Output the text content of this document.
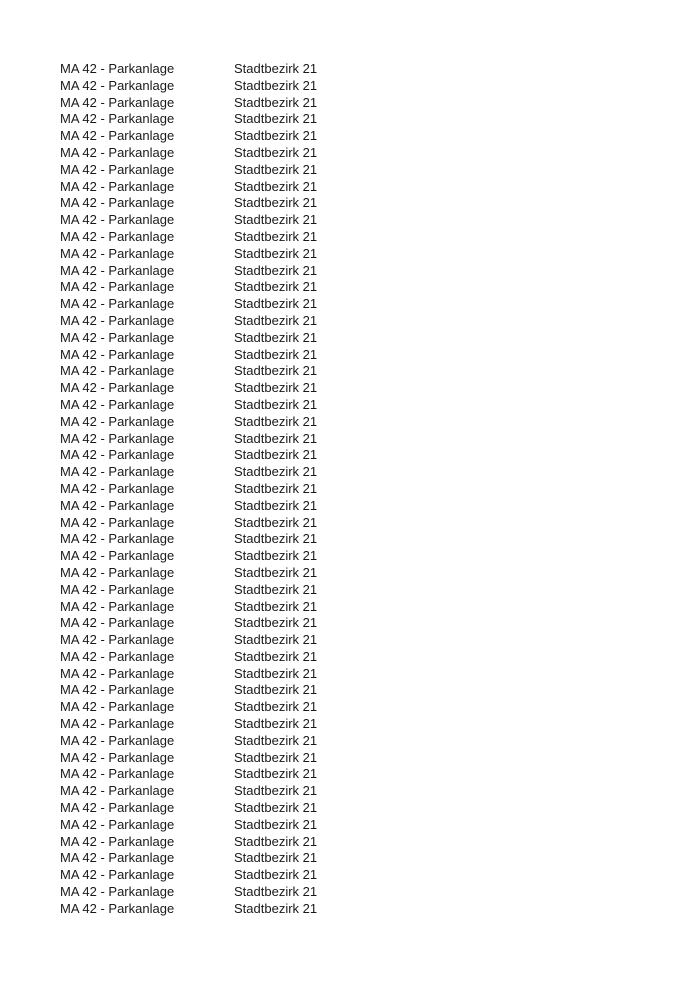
MA 42 - Parkanlage	Stadtbezirk 21
MA 42 - Parkanlage	Stadtbezirk 21
MA 42 - Parkanlage	Stadtbezirk 21
MA 42 - Parkanlage	Stadtbezirk 21
MA 42 - Parkanlage	Stadtbezirk 21
MA 42 - Parkanlage	Stadtbezirk 21
MA 42 - Parkanlage	Stadtbezirk 21
MA 42 - Parkanlage	Stadtbezirk 21
MA 42 - Parkanlage	Stadtbezirk 21
MA 42 - Parkanlage	Stadtbezirk 21
MA 42 - Parkanlage	Stadtbezirk 21
MA 42 - Parkanlage	Stadtbezirk 21
MA 42 - Parkanlage	Stadtbezirk 21
MA 42 - Parkanlage	Stadtbezirk 21
MA 42 - Parkanlage	Stadtbezirk 21
MA 42 - Parkanlage	Stadtbezirk 21
MA 42 - Parkanlage	Stadtbezirk 21
MA 42 - Parkanlage	Stadtbezirk 21
MA 42 - Parkanlage	Stadtbezirk 21
MA 42 - Parkanlage	Stadtbezirk 21
MA 42 - Parkanlage	Stadtbezirk 21
MA 42 - Parkanlage	Stadtbezirk 21
MA 42 - Parkanlage	Stadtbezirk 21
MA 42 - Parkanlage	Stadtbezirk 21
MA 42 - Parkanlage	Stadtbezirk 21
MA 42 - Parkanlage	Stadtbezirk 21
MA 42 - Parkanlage	Stadtbezirk 21
MA 42 - Parkanlage	Stadtbezirk 21
MA 42 - Parkanlage	Stadtbezirk 21
MA 42 - Parkanlage	Stadtbezirk 21
MA 42 - Parkanlage	Stadtbezirk 21
MA 42 - Parkanlage	Stadtbezirk 21
MA 42 - Parkanlage	Stadtbezirk 21
MA 42 - Parkanlage	Stadtbezirk 21
MA 42 - Parkanlage	Stadtbezirk 21
MA 42 - Parkanlage	Stadtbezirk 21
MA 42 - Parkanlage	Stadtbezirk 21
MA 42 - Parkanlage	Stadtbezirk 21
MA 42 - Parkanlage	Stadtbezirk 21
MA 42 - Parkanlage	Stadtbezirk 21
MA 42 - Parkanlage	Stadtbezirk 21
MA 42 - Parkanlage	Stadtbezirk 21
MA 42 - Parkanlage	Stadtbezirk 21
MA 42 - Parkanlage	Stadtbezirk 21
MA 42 - Parkanlage	Stadtbezirk 21
MA 42 - Parkanlage	Stadtbezirk 21
MA 42 - Parkanlage	Stadtbezirk 21
MA 42 - Parkanlage	Stadtbezirk 21
MA 42 - Parkanlage	Stadtbezirk 21
MA 42 - Parkanlage	Stadtbezirk 21
MA 42 - Parkanlage	Stadtbezirk 21
